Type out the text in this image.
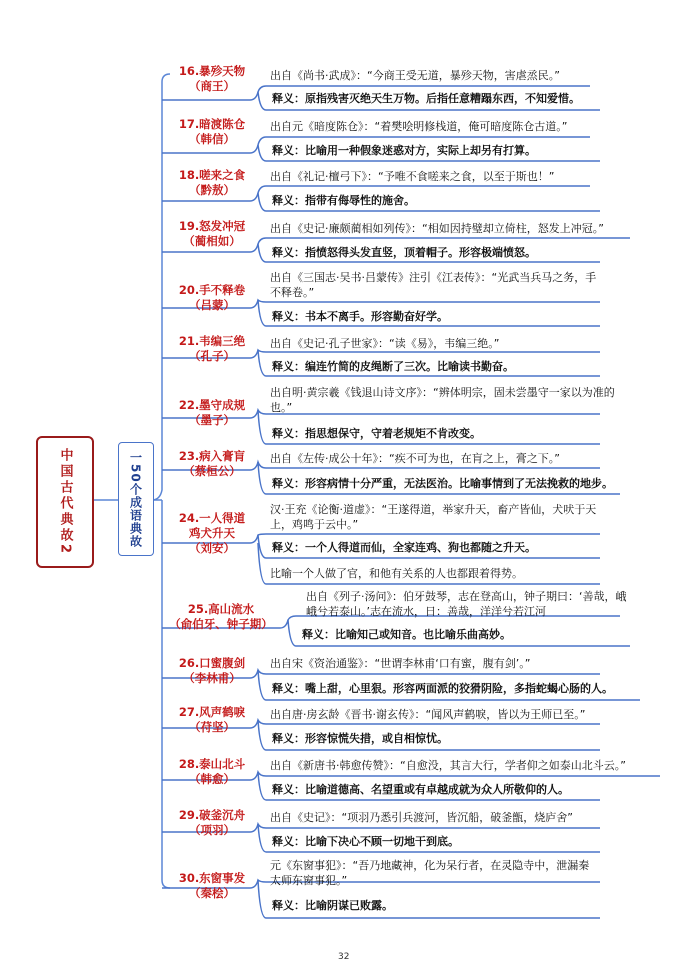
中国古代典故2	一50个成语典故
16.暴殄天物
（商王）
出自《尚书·武成》：“今商王受无道，暴殄天物，害虐烝民。”
释义：原指残害灭绝天生万物。后指任意糟蹋东西，不知爱惜。
17.暗渡陈仓
（韩信）
出自元《暗度陈仓》：“着樊哙明修栈道，俺可暗度陈仓古道。”
释义：比喻用一种假象迷惑对方，实际上却另有打算。
18.嗟来之食
（黔敖）
出自《礼记·檀弓下》：“予唯不食嗟来之食，以至于斯也！”
释义：指带有侮辱性的施舍。
19.怒发冲冠
（蔺相如）
出自《史记·廉颇蔺相如列传》：“相如因持璧却立倚柱，怒发上冲冠。”
释义：指愤怒得头发直竖，顶着帽子。形容极端愤怒。
20.手不释卷
（吕蒙）
出自《三国志·吴书·吕蒙传》注引《江表传》：“光武当兵马之务，手不释卷。”
释义：书本不离手。形容勤奋好学。
21.韦编三绝
（孔子）
出自《史记·孔子世家》：“读《易》，韦编三绝。”
释义：编连竹简的皮绳断了三次。比喻读书勤奋。
22.墨守成规
（墨子）
出自明·黄宗羲《钱退山诗文序》：“辨体明宗，固未尝墨守一家以为准的也。”
释义：指思想保守，守着老规矩不肯改变。
23.病入膏肓
（蔡桓公）
出自《左传·成公十年》：“疾不可为也，在肓之上，膏之下。”
释义：形容病情十分严重，无法医治。比喻事情到了无法挽救的地步。
24.一人得道鸡犬升天
（刘安）
汉·王充《论衡·道虚》：“王遂得道，举家升天，畜产皆仙，犬吠于天上，鸡鸣于云中。”
释义：一个人得道而仙，全家连鸡、狗也都随之升天。
比喻一个人做了官，和他有关系的人也都跟着得势。
25.高山流水
（俞伯牙、钟子期）
出自《列子·汤问》：伯牙鼓琴，志在登高山，钟子期曰：‘善哉，峨峨兮若泰山。’志在流水，日：善哉，洋洋兮若江河
释义：比喻知己或知音。也比喻乐曲高妙。
26.口蜜腹剑
（李林甫）
出自宋《资治通鉴》：“世谓李林甫‘口有蜜，腹有剑’。”
释义：嘴上甜，心里狠。形容两面派的狡猾阴险，多指蛇蝎心肠的人。
27.风声鹤唳
（苻坚）
出自唐·房玄龄《晋书·谢玄传》：“闻风声鹤唳，皆以为王师已至。”
释义：形容惊慌失措，或自相惊忧。
28.泰山北斗
（韩愈）
出自《新唐书·韩愈传赞》：“自愈没，其言大行，学者仰之如泰山北斗云。”
释义：比喻道德高、名望重或有卓越成就为众人所敬仰的人。
29.破釜沉舟
（项羽）
出自《史记》：“项羽乃悉引兵渡河，皆沉船，破釜甑，烧庐舍”
释义：比喻下决心不顾一切地干到底。
30.东窗事发
（秦桧）
元《东窗事犯》：“吾乃地藏神，化为呆行者，在灵隐寺中，泄漏秦太师东窗事犯。”
释义：比喻阴谋已败露。
32
